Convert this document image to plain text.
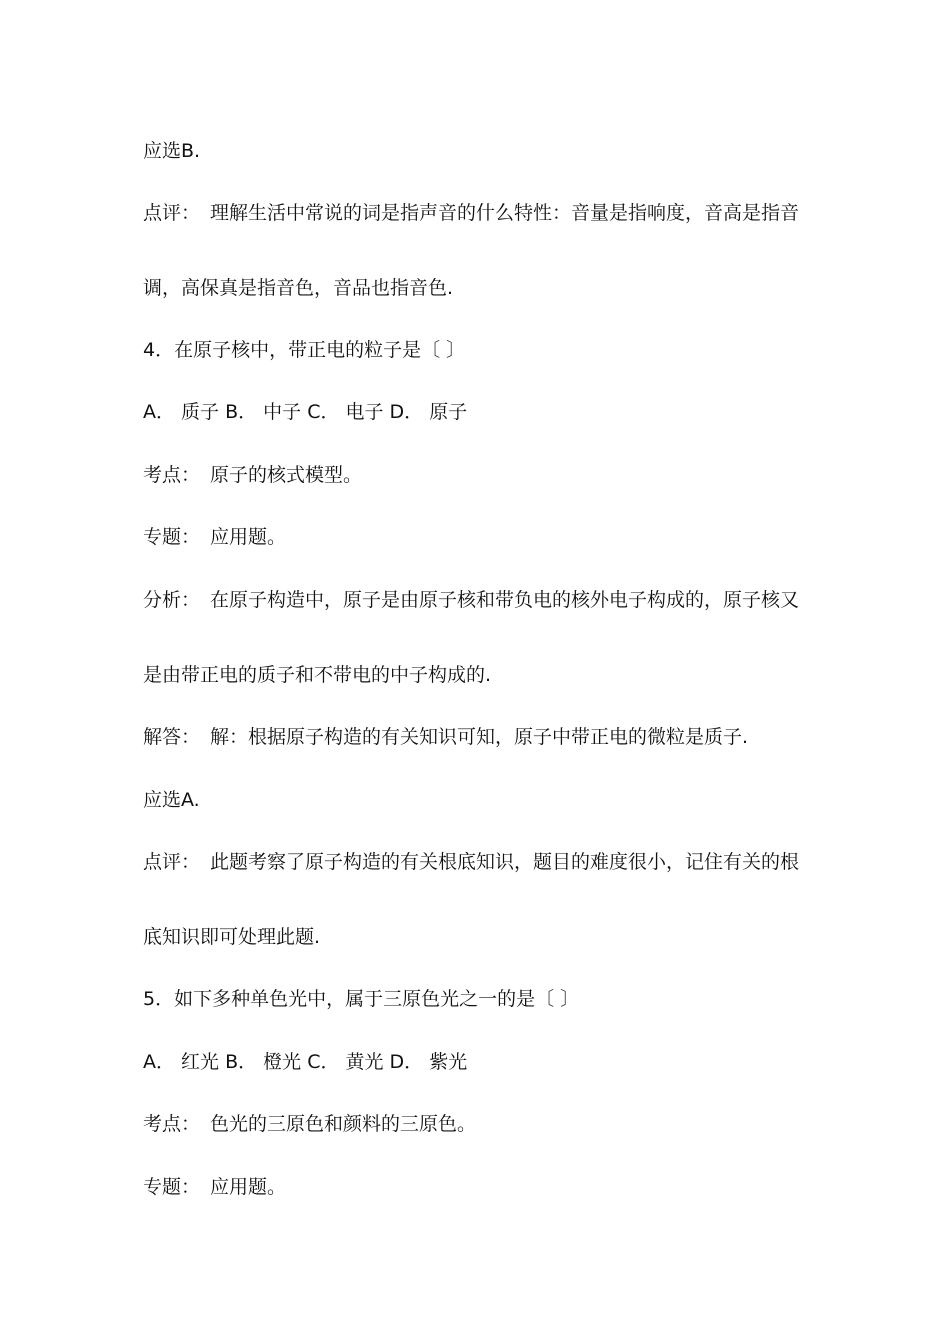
应选B.
点评： 理解生活中常说的词是指声音的什么特性：音量是指响度，音高是指音
调，高保真是指音色，音品也指音色.
4．在原子核中，带正电的粒子是〔 〕
A． 质子 B． 中子 C． 电子 D． 原子
考点： 原子的核式模型。
专题： 应用题。
分析： 在原子构造中，原子是由原子核和带负电的核外电子构成的，原子核又
是由带正电的质子和不带电的中子构成的.
解答： 解：根据原子构造的有关知识可知，原子中带正电的微粒是质子.
应选A.
点评： 此题考察了原子构造的有关根底知识，题目的难度很小，记住有关的根
底知识即可处理此题.
5．如下多种单色光中，属于三原色光之一的是〔 〕
A． 红光 B． 橙光 C． 黄光 D． 紫光
考点： 色光的三原色和颜料的三原色。
专题： 应用题。
